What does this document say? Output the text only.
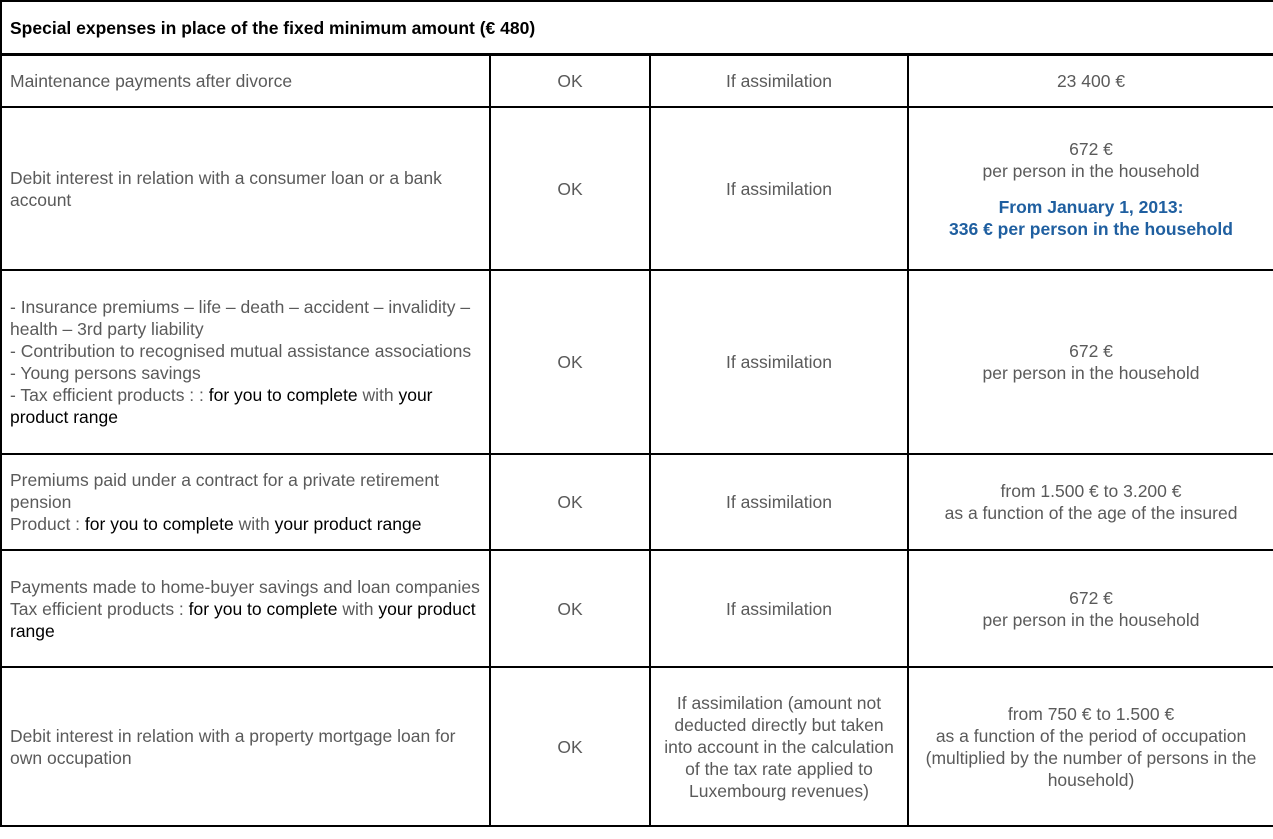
Special expenses in place of the fixed minimum amount (€ 480)			
Maintenance payments after divorce	OK	If assimilation	23 400 €
Debit interest in relation with a consumer loan or a bank account	OK	If assimilation	672 €
per person in the household
From January 1, 2013:
336 € per person in the household

- Insurance premiums – life – death – accident – invalidity – health – 3rd party liability
- Contribution to recognised mutual assistance associations
- Young persons savings
- Tax efficient products : : for you to complete with your product range	OK	If assimilation	672 €
per person in the household

Premiums paid under a contract for a private retirement pension
Product : for you to complete with your product range	OK	If assimilation	from 1.500 € to 3.200 €
as a function of the age of the insured

Payments made to home-buyer savings and loan companies
Tax efficient products : for you to complete with your product range	OK	If assimilation	672 €
per person in the household

Debit interest in relation with a property mortgage loan for own occupation	OK	If assimilation (amount not deducted directly but taken into account in the calculation of the tax rate applied to Luxembourg revenues)	from 750 € to 1.500 €
as a function of the period of occupation
(multiplied by the number of persons in the household)
